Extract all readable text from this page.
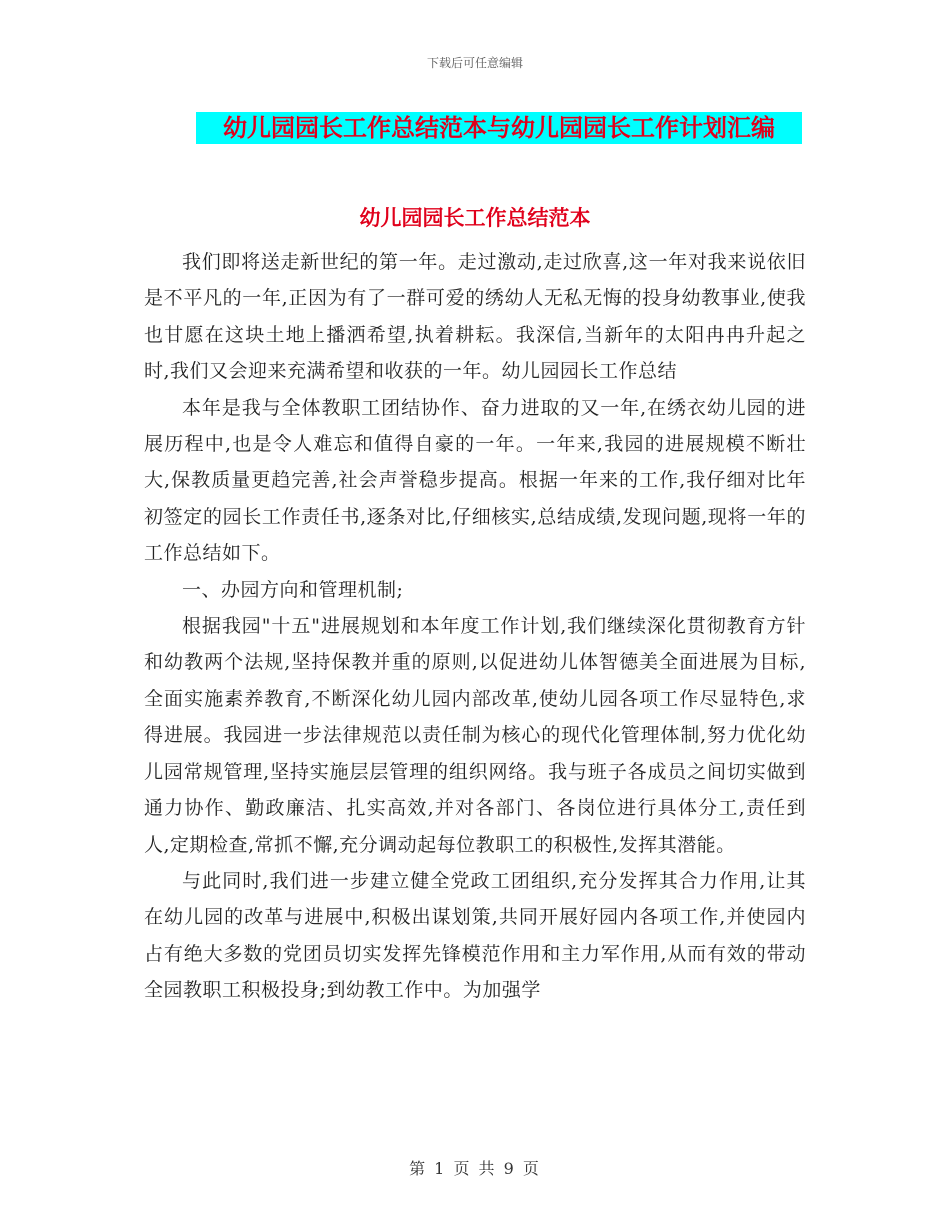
下载后可任意编辑
幼儿园园长工作总结范本与幼儿园园长工作计划汇编
幼儿园园长工作总结范本

我们即将送走新世纪的第一年。走过激动,走过欣喜,这一年对我来说依旧是不平凡的一年,正因为有了一群可爱的绣幼人无私无悔的投身幼教事业,使我也甘愿在这块土地上播洒希望,执着耕耘。我深信,当新年的太阳冉冉升起之时,我们又会迎来充满希望和收获的一年。幼儿园园长工作总结

本年是我与全体教职工团结协作、奋力进取的又一年,在绣衣幼儿园的进展历程中,也是令人难忘和值得自豪的一年。一年来,我园的进展规模不断壮大,保教质量更趋完善,社会声誉稳步提高。根据一年来的工作,我仔细对比年初签定的园长工作责任书,逐条对比,仔细核实,总结成绩,发现问题,现将一年的工作总结如下。

一、办园方向和管理机制;

根据我园"十五"进展规划和本年度工作计划,我们继续深化贯彻教育方针和幼教两个法规,坚持保教并重的原则,以促进幼儿体智德美全面进展为目标,全面实施素养教育,不断深化幼儿园内部改革,使幼儿园各项工作尽显特色,求得进展。我园进一步法律规范以责任制为核心的现代化管理体制,努力优化幼儿园常规管理,坚持实施层层管理的组织网络。我与班子各成员之间切实做到通力协作、勤政廉洁、扎实高效,并对各部门、各岗位进行具体分工,责任到人,定期检查,常抓不懈,充分调动起每位教职工的积极性,发挥其潜能。

与此同时,我们进一步建立健全党政工团组织,充分发挥其合力作用,让其在幼儿园的改革与进展中,积极出谋划策,共同开展好园内各项工作,并使园内占有绝大多数的党团员切实发挥先锋模范作用和主力军作用,从而有效的带动全园教职工积极投身;到幼教工作中。为加强学

第 1 页 共 9 页
